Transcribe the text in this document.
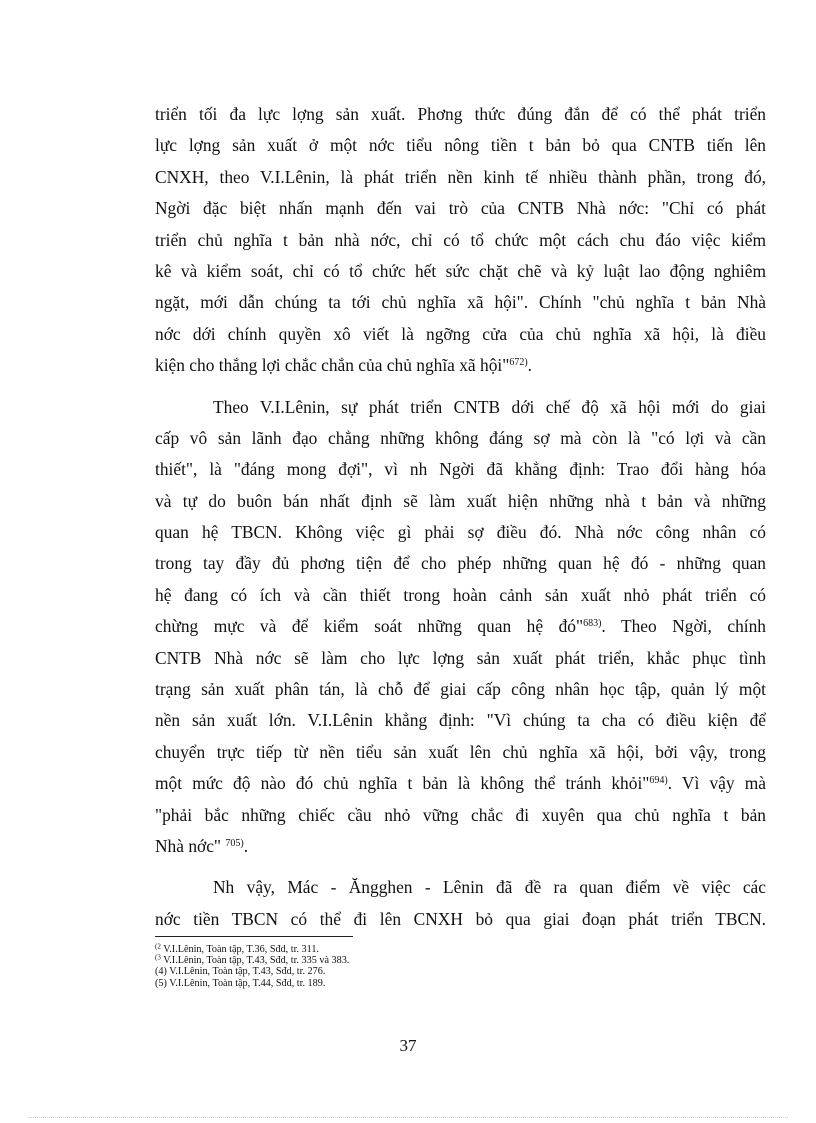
triển tối đa lực lợng sản xuất. Phơng thức đúng đắn để có thể phát triển

lực lợng sản xuất ở một nớc tiểu nông tiền t bản bỏ qua CNTB tiến lên

CNXH, theo V.I.Lênin, là phát triển nền kinh tế nhiều thành phần, trong đó,

Ngời đặc biệt nhấn mạnh đến vai trò của CNTB Nhà nớc: "Chỉ có phát

triển chủ nghĩa t bản nhà nớc, chỉ có tổ chức một cách chu đáo việc kiểm

kê và kiểm soát, chỉ có tổ chức hết sức chặt chẽ và kỷ luật lao động nghiêm

ngặt, mới dẫn chúng ta tới chủ nghĩa xã hội". Chính "chủ nghĩa t bản Nhà

nớc dới chính quyền xô viết là ngỡng cửa của chủ nghĩa xã hội, là điều

kiện cho thắng lợi chắc chắn của chủ nghĩa xã hội"$^{672)}$.

Theo V.I.Lênin, sự phát triển CNTB dới chế độ xã hội mới do giai

cấp vô sản lãnh đạo chẳng những không đáng sợ mà còn là "có lợi và cần

thiết", là "đáng mong đợi", vì nh Ngời đã khẳng định: Trao đổi hàng hóa

và tự do buôn bán nhất định sẽ làm xuất hiện những nhà t bản và những

quan hệ TBCN. Không việc gì phải sợ điều đó. Nhà nớc công nhân có

trong tay đầy đủ phơng tiện để cho phép những quan hệ đó - những quan

hệ đang có ích và cần thiết trong hoàn cảnh sản xuất nhỏ phát triển có

chừng mực và để kiểm soát những quan hệ đó"$^{683)}$. Theo Ngời, chính

CNTB Nhà nớc sẽ làm cho lực lợng sản xuất phát triển, khắc phục tình

trạng sản xuất phân tán, là chỗ để giai cấp công nhân học tập, quản lý một

nền sản xuất lớn. V.I.Lênin khẳng định: "Vì chúng ta cha có điều kiện để

chuyển trực tiếp từ nền tiểu sản xuất lên chủ nghĩa xã hội, bởi vậy, trong

một mức độ nào đó chủ nghĩa t bản là không thể tránh khỏi"$^{694)}$. Vì vậy mà

"phải bắc những chiếc cầu nhỏ vững chắc đi xuyên qua chủ nghĩa t bản

Nhà nớc" $^{705)}$.

Nh vậy, Mác - Ăngghen - Lênin đã đề ra quan điểm về việc các

nớc tiền TBCN có thể đi lên CNXH bỏ qua giai đoạn phát triển TBCN.

$^{(2}$ V.I.Lênin, Toàn tập, T.36, Sđd, tr. 311.
$^{(3}$ V.I.Lênin, Toàn tập, T.43, Sđd, tr. 335 và 383.
(4) V.I.Lênin, Toàn tập, T.43, Sđd, tr. 276.
(5) V.I.Lênin, Toàn tập, T.44, Sđd, tr. 189.
37
